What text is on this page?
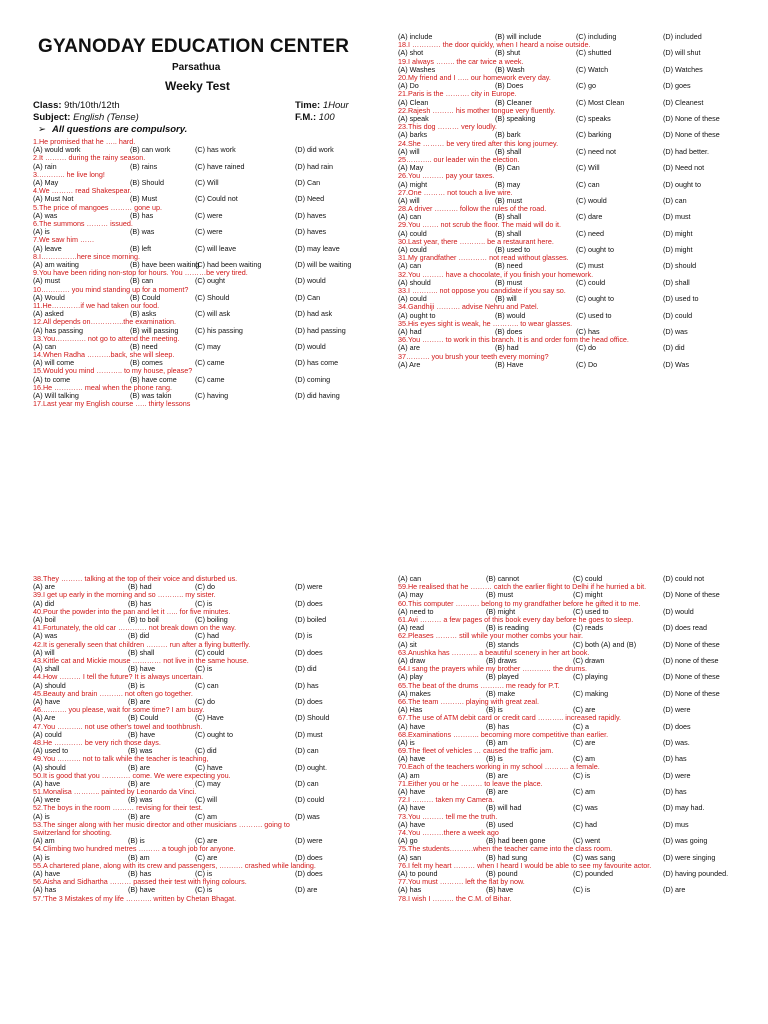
GYANODAY EDUCATION CENTER
Parsathua
Weeky Test
Class: 9th/10th/12th
Subject: English (Tense)
Time: 1Hour
F.M.: 100
➢ All questions are compulsory.
1.He promised that he ….. hard.
(A) would work	(B) can work	(C) has work	(D) did work
2.It ……… during the rainy season.
(A) rain	(B) rains	(C) have rained	(D) had rain
3.……….. he live long!
(A) May	(B) Should	(C) Will	(D) Can
4.We ……… read Shakespear.
(A) Must Not	(B) Must	(C) Could not	(D) Need
5.The price of mangoes ……… gone up.
(A) was	(B) has	(C) were	(D) haves
6.The summons ……… issued.
(A) is	(B) was	(C) were	(D) haves
7.We saw him ……
(A) leave	(B) left	(C) will leave	(D) may leave
8.I……………here since morning.
(A) am waiting	(B) have been waiting
(C) had been waiting	(D) will be waiting
9.You have been riding non-stop for hours. You ………be very tired.
(A) must	(B) can	(C) ought	(D) would
10………… you mind standing up for a moment?
(A) Would	(B) Could	(C) Should	(D) Can
11.He…………if we had taken our food.
(A) asked	(B) asks	(C) will ask	(D) had ask
12.All depends on…………..the examination.
(A) has passing	(B) will passing (C) his passing	(D) had passing
13.You…………. not go to attend the meeting.
(A) can	(B) need	(C) may	(D) would
14.When Radha ……….back, she will sleep.
(A) will come	(B) comes	(C) came	(D) has come
15.Would you mind ……….. to my house, please?
(A) to come	(B) have come	(C) came	(D) coming
16.He ………… meal when the phone rang.
(A) Will talking	(B) was takin	(C) having	(D) did having
17.Last year my English course ….. thirty lessons
(A) include	(B) will include	(C) including	(D) included
18.I ………… the door quickly, when I heard a noise outside.
(A) shot	(B) shut	(C) shutted	(D) will shut
19.I always …….. the car twice a week.
(A) Washes	(B) Wash	(C) Watch	(D) Watches
20.My friend and I ….. our homework every day.
(A) Do	(B) Does	(C) go	(D) goes
21.Paris is the ………. city in Europe.
(A) Clean	(B) Cleaner	(C) Most Clean	(D) Cleanest
22.Rajesh ……… his mother tongue very fluently.
(A) speak	(B) speaking	(C) speaks	(D) None of these
23.This dog ……… very loudly.
(A) barks	(B) bark	(C) barking	(D) None of these
24.She ……… be very tired after this long journey.
(A) will	(B) shall	(C) need not	(D) had better.
25……….. our leader win the election.
(A) May	(B) Can	(C) Will	(D) Need not
26.You ……… pay your taxes.
(A) might	(B) may	(C) can	(D) ought to
27.One ……… not touch a live wire.
(A) will	(B) must	(C) would	(D) can
28.A driver ………. follow the rules of the road.
(A) can	(B) shall	(C) dare	(D) must
29.You ……. not scrub the floor. The maid will do it.
(A) could	(B) shall	(C) need	(D) might
30.Last year, there ……….. be a restaurant here.
(A) could	(B) used to	(C) ought to	(D) might
31.My grandfather ………… not read without glasses.
(A) can	(B) need	(C) must	(D) should
32.You ……… have a chocolate, if you finish your homework.
(A) should	(B) must	(C) could	(D) shall
33.I ……….. not oppose you candidate if you say so.
(A) could	(B) will	(C) ought to	(D) used to
34.Gandhiji ………. advise Nehru and Patel.
(A) ought to	(B) would	(C) used to	(D) could
35.His eyes sight is weak, he ……….. to wear glasses.
(A) had	(B) does	(C) has	(D) was
36.You ……… to work in this branch. It is and order form the head office.
(A) are	(B) had	(C) do	(D) did
37………. you brush your teeth every morning?
(A) Are	(B) Have	(C) Do	(D) Was
38.They ……… talking at the top of their voice and disturbed us.
(A) are	(B) had	(C) do	(D) were
39.I get up early in the morning and so ……….. my sister.
(A) did	(B) has	(C) is	(D) does
40.Pour the powder into the pan and let it ….. for five minutes.
(A) boil	(B) to boil	(C) boiling	(D) boiled
41.Fortunately, the old car ………… not break down on the way.
(A) was	(B) did	(C) had	(D) is
42.It is generally seen that children ……… run after a flying butterfly.
(A) will	(B) shall	(C) could	(D) does
43.Kittle cat and Mickie mouse ………… not live in the same house.
(A) shall	(B) have	(C) is	(D) did
44.How ……… I tell the future? It is always uncertain.
(A) should	(B) is	(C) can	(D) has
45.Beauty and brain ………. not often go together.
(A) have	(B) are	(C) do	(D) does
46.………. you please, wait for some time? I am busy.
(A) Are	(B) Could	(C) Have	(D) Should
47.You ……….. not use other's towel and toothbrush.
(A) could	(B) have	(C) ought to	(D) must
48.He ………… be very rich those days.
(A) used to	(B) was	(C) did	(D) can
49.You ………. not to talk while the teacher is teaching,
(A) should	(B) are	(C) have	(D) ought.
50.It is good that you ………… come. We were expecting you.
(A) have	(B) are	(C) may	(D) can
51.Monalisa ……….. painted by Leonardo da Vinci.
(A) were	(B) was	(C) will	(D) could
52.The boys in the room ……… revising for their test.
(A) is	(B) are	(C) am	(D) was
53.The singer along with her music director and other musicians ………. going to
Switzerland for shooting.
(A) am	(B) is	(C) are	(D) were
54.Climbing two hundred metres ……… a tough job for anyone.
(A) is	(B) am	(C) are	(D) does
55.A chartered plane, along with its crew and passengers, ………. crashed while landing.
(A) have	(B) has	(C) is	(D) does
56.Aisha and Sidhartha ……… passed their test with flying colours.
(A) has	(B) have	(C) is	(D) are
57.'The 3 Mistakes of my life ……….. written by Chetan Bhagat.
(A) can	(B) cannot	(C) could	(D) could not
59.He realised that he ……… catch the earlier flight to Delhi if he hurried a bit.
(A) may	(B) must	(C) might	(D) None of these
60.This computer ………. belong to my grandfather before he gifted it to me.
(A) need to	(B) might	(C) used to	(D) would
61.Avi ……… a few pages of this book every day before he goes to sleep.
(A) read	(B) is reading	(C) reads	(D) does read
62.Pleases ……… still while your mother combs your hair.
(A) sit	(B) stands	(C) both (A) and (B)	(D) None of these
63.Anushka has ……….. a beautiful scenery in her art book.
(A) draw	(B) draws	(C) drawn	(D) none of these
64.I sang the prayers while my brother ………… the drums.
(A) play	(B) played	(C) playing	(D) None of these
65.The beat of the drums ………. me ready for P.T.
(A) makes	(B) make	(C) making	(D) None of these
66.The team ………. playing with great zeal.
(A) Has	(B) is	(C) are	(D) were
67.The use of ATM debit card or credit card ……….. increased rapidly.
(A) have	(B) has	(C) a	(D) does
68.Examinations ……….. becoming more competitive than earlier.
(A) is	(B) am	(C) are	(D) was.
69.The fleet of vehicles … caused the traffic jam.
(A) have	(B) is	(C) am	(D) has
70.Each of the teachers working in my school ………. a female.
(A) am	(B) are	(C) is	(D) were
71.Either you or he ……… to leave the place.
(A) have	(B) are	(C) am	(D) has
72.I ……… taken my Camera.
(A) have	(B) will had	(C) was	(D) may had.
73.You ……… tell me the truth.
(A) have	(B) used	(C) had	(D) mus
74.You ………there a week ago
(A) go	(B) had been gone	(C) went	(D) was going
75.The students……….when the teacher came into the class room.
(A) san	(B) had sung	(C) was sang	(D) were singing
76.I felt my heart ……… when I heard I would be able to see my favourite actor.
(A) to pound	(B) pound	(C) pounded	(D) having pounded.
77.You must ………. left the flat by now.
(A) has	(B) have	(C) is	(D) are
78.I wish I ……… the C.M. of Bihar.
